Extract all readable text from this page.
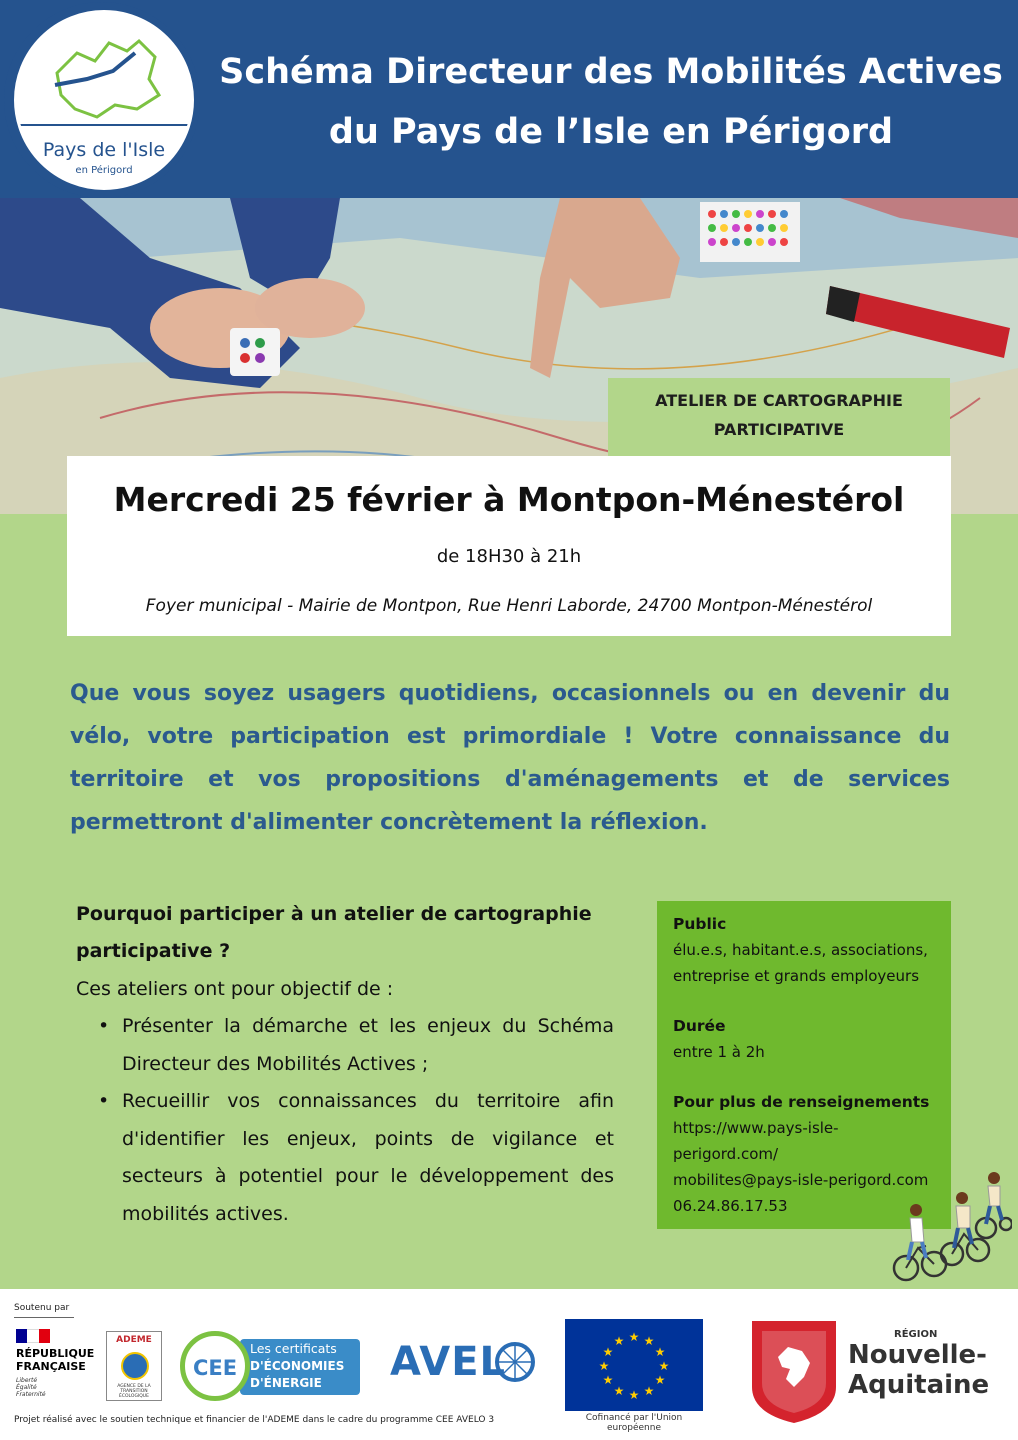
Pays de l'Isle
en Périgord
Schéma Directeur des Mobilités Actives
du Pays de l’Isle en Périgord
ATELIER DE CARTOGRAPHIE
PARTICIPATIVE
Mercredi 25 février à Montpon-Ménestérol
de 18H30 à 21h
Foyer municipal - Mairie de Montpon, Rue Henri Laborde, 24700 Montpon-Ménestérol
Que vous soyez usagers quotidiens, occasionnels ou en devenir du vélo, votre participation est primordiale ! Votre connaissance du territoire et vos propositions d'aménagements et de services permettront d'alimenter concrètement la réflexion.
Pourquoi participer à un atelier de cartographie participative ?
Ces ateliers ont pour objectif de :
• Présenter la démarche et les enjeux du Schéma Directeur des Mobilités Actives ;
• Recueillir vos connaissances du territoire afin d'identifier les enjeux, points de vigilance et secteurs à potentiel pour le développement des mobilités actives.
Public
élu.e.s, habitant.e.s, associations,
entreprise et grands employeurs
Durée
entre 1 à 2h
Pour plus de renseignements
https://www.pays-isle-
perigord.com/
mobilites@pays-isle-perigord.com
06.24.86.17.53
Soutenu par
RÉPUBLIQUE
FRANÇAISE
Liberté
Égalité
Fraternité
ADEME
AGENCE DE LA
TRANSITION
ÉCOLOGIQUE
Les certificats
D'ÉCONOMIES
D'ÉNERGIE
CEE	AVEL
★ ★
★
★
★
★
★
★
★
★
★
★
Cofinancé par l'Union européenne
RÉGION
Nouvelle-
Aquitaine
Projet réalisé avec le soutien technique et financier de l'ADEME dans le cadre du programme CEE AVELO 3
